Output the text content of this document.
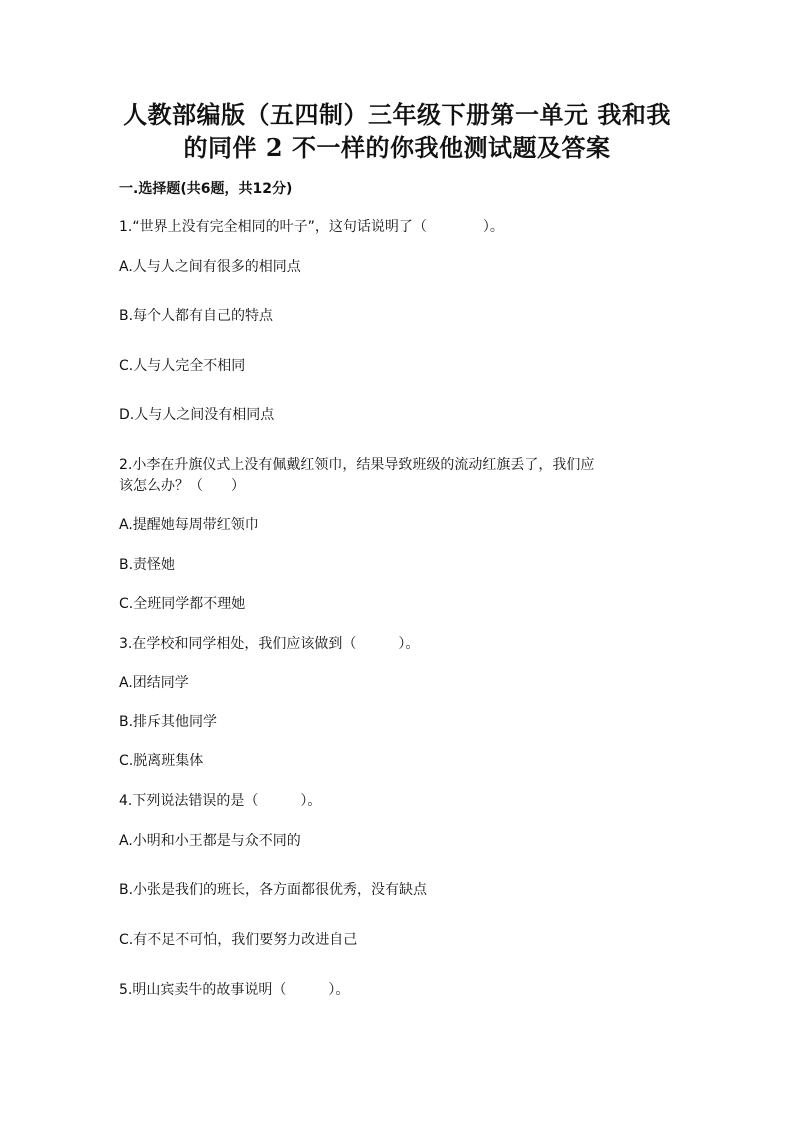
人教部编版（五四制）三年级下册第一单元 我和我
的同伴 2 不一样的你我他测试题及答案
一.选择题(共6题，共12分)
1.“世界上没有完全相同的叶子”，这句话说明了（　　　　）。
A.人与人之间有很多的相同点
B.每个人都有自己的特点
C.人与人完全不相同
D.人与人之间没有相同点
2.小李在升旗仪式上没有佩戴红领巾，结果导致班级的流动红旗丢了，我们应
该怎么办？（　　）
A.提醒她每周带红领巾
B.责怪她
C.全班同学都不理她
3.在学校和同学相处，我们应该做到（　　　）。
A.团结同学
B.排斥其他同学
C.脱离班集体
4.下列说法错误的是（　　　）。
A.小明和小王都是与众不同的
B.小张是我们的班长，各方面都很优秀，没有缺点
C.有不足不可怕，我们要努力改进自己
5.明山宾卖牛的故事说明（　　　）。
